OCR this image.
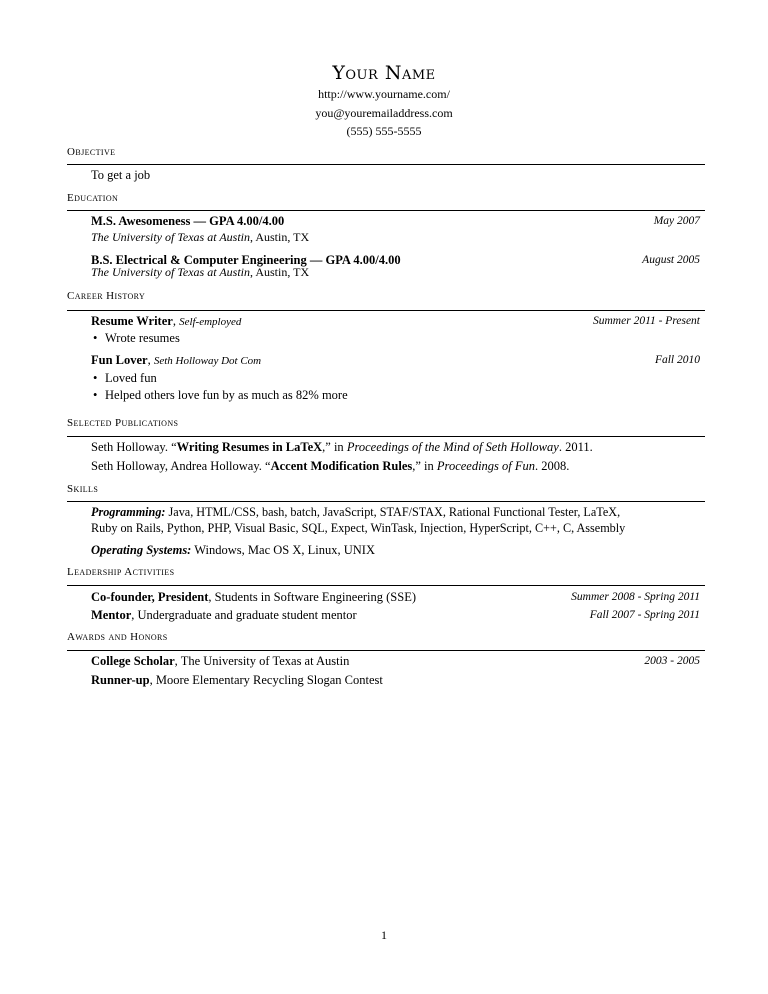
Your Name
http://www.yourname.com/
you@youremailaddress.com
(555) 555-5555
Objective
To get a job
Education
M.S. Awesomeness — GPA 4.00/4.00	May 2007
The University of Texas at Austin, Austin, TX
B.S. Electrical & Computer Engineering — GPA 4.00/4.00	August 2005
The University of Texas at Austin, Austin, TX
Career History
Resume Writer, Self-employed	Summer 2011 - Present
• Wrote resumes
Fun Lover, Seth Holloway Dot Com	Fall 2010
• Loved fun
• Helped others love fun by as much as 82% more
Selected Publications
Seth Holloway. “Writing Resumes in LaTeX,” in Proceedings of the Mind of Seth Holloway. 2011.
Seth Holloway, Andrea Holloway. “Accent Modification Rules,” in Proceedings of Fun. 2008.
Skills
Programming: Java, HTML/CSS, bash, batch, JavaScript, STAF/STAX, Rational Functional Tester, LaTeX,
Ruby on Rails, Python, PHP, Visual Basic, SQL, Expect, WinTask, Injection, HyperScript, C++, C, Assembly
Operating Systems: Windows, Mac OS X, Linux, UNIX
Leadership Activities
Co-founder, President, Students in Software Engineering (SSE)	Summer 2008 - Spring 2011
Mentor, Undergraduate and graduate student mentor	Fall 2007 - Spring 2011
Awards and Honors
College Scholar, The University of Texas at Austin	2003 - 2005
Runner-up, Moore Elementary Recycling Slogan Contest
1
